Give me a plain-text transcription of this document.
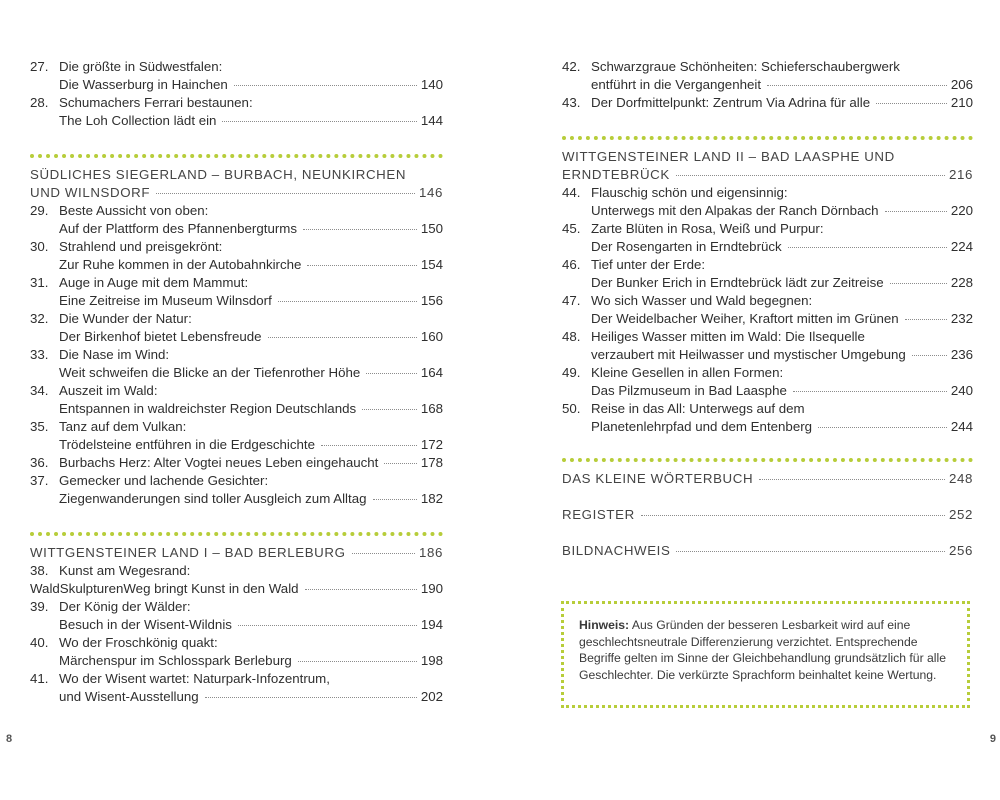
27. Die größte in Südwestfalen:
Die Wasserburg in Hainchen	140
28. Schumachers Ferrari bestaunen:
The Loh Collection lädt ein	144
SÜDLICHES SIEGERLAND – BURBACH, NEUNKIRCHEN
UND WILNSDORF	146
29. Beste Aussicht von oben:
Auf der Plattform des Pfannenbergturms	150
30. Strahlend und preisgekrönt:
Zur Ruhe kommen in der Autobahnkirche	154
31. Auge in Auge mit dem Mammut:
Eine Zeitreise im Museum Wilnsdorf	156
32. Die Wunder der Natur:
Der Birkenhof bietet Lebensfreude	160
33. Die Nase im Wind:
Weit schweifen die Blicke an der Tiefenrother Höhe	164
34. Auszeit im Wald:
Entspannen in waldreichster Region Deutschlands	168
35. Tanz auf dem Vulkan:
Trödelsteine entführen in die Erdgeschichte	172
36. Burbachs Herz: Alter Vogtei neues Leben eingehaucht	178
37. Gemecker und lachende Gesichter:
Ziegenwanderungen sind toller Ausgleich zum Alltag	182
WITTGENSTEINER LAND I – BAD BERLEBURG	186
38. Kunst am Wegesrand:
WaldSkulpturenWeg bringt Kunst in den Wald	190
39. Der König der Wälder:
Besuch in der Wisent-Wildnis	194
40. Wo der Froschkönig quakt:
Märchenspur im Schlosspark Berleburg	198
41. Wo der Wisent wartet: Naturpark-Infozentrum,
und Wisent-Ausstellung	202
42. Schwarzgraue Schönheiten: Schieferschaubergwerk
entführt in die Vergangenheit	206
43. Der Dorfmittelpunkt: Zentrum Via Adrina für alle	210
WITTGENSTEINER LAND II – BAD LAASPHE UND
ERNDTEBRÜCK	216
44. Flauschig schön und eigensinnig:
Unterwegs mit den Alpakas der Ranch Dörnbach	220
45. Zarte Blüten in Rosa, Weiß und Purpur:
Der Rosengarten in Erndtebrück	224
46. Tief unter der Erde:
Der Bunker Erich in Erndtebrück lädt zur Zeitreise	228
47. Wo sich Wasser und Wald begegnen:
Der Weidelbacher Weiher, Kraftort mitten im Grünen	232
48. Heiliges Wasser mitten im Wald: Die Ilsequelle
verzaubert mit Heilwasser und mystischer Umgebung	236
49. Kleine Gesellen in allen Formen:
Das Pilzmuseum in Bad Laasphe	240
50. Reise in das All: Unterwegs auf dem
Planetenlehrpfad und dem Entenberg	244
DAS KLEINE WÖRTERBUCH	248
REGISTER	252
BILDNACHWEIS	256
Hinweis: Aus Gründen der besseren Lesbarkeit wird auf eine geschlechtsneutrale Differenzierung verzichtet. Entsprechende Begriffe gelten im Sinne der Gleichbehandlung grundsätzlich für alle Geschlechter. Die verkürzte Sprachform beinhaltet keine Wertung.
8	9
